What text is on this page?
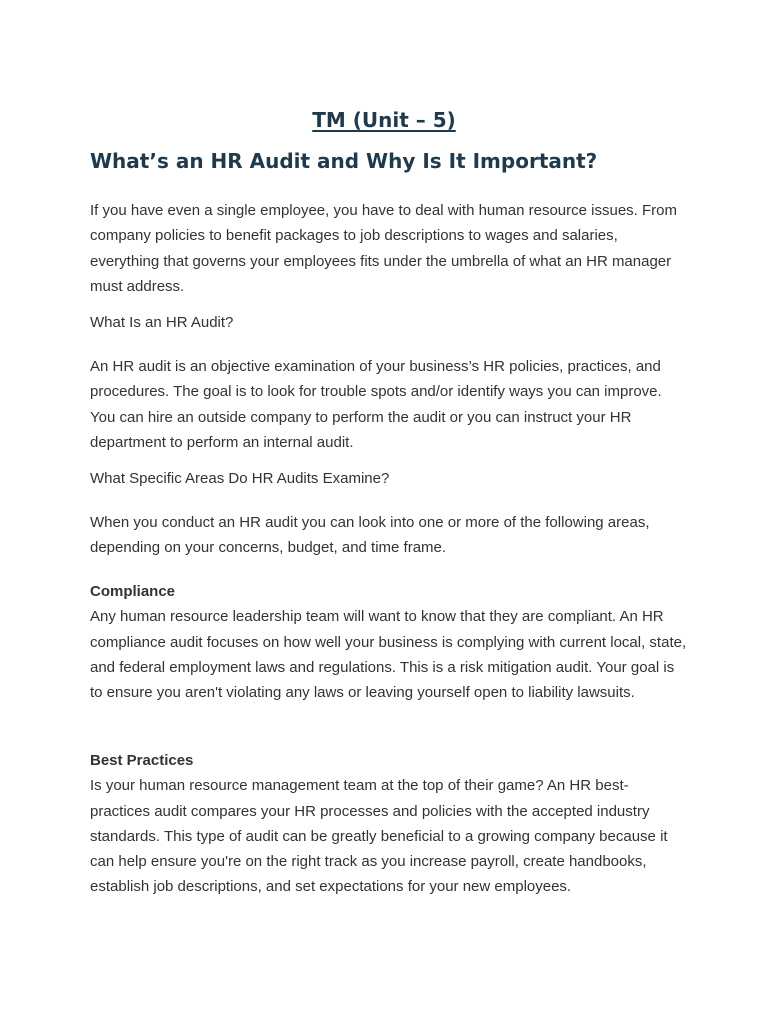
TM (Unit – 5)
What’s an HR Audit and Why Is It Important?

If you have even a single employee, you have to deal with human resource issues. From company policies to benefit packages to job descriptions to wages and salaries, everything that governs your employees fits under the umbrella of what an HR manager must address.

What Is an HR Audit?

An HR audit is an objective examination of your business’s HR policies, practices, and procedures. The goal is to look for trouble spots and/or identify ways you can improve. You can hire an outside company to perform the audit or you can instruct your HR department to perform an internal audit.

What Specific Areas Do HR Audits Examine?

When you conduct an HR audit you can look into one or more of the following areas, depending on your concerns, budget, and time frame.

Compliance
Any human resource leadership team will want to know that they are compliant. An HR compliance audit focuses on how well your business is complying with current local, state, and federal employment laws and regulations. This is a risk mitigation audit. Your goal is to ensure you aren't violating any laws or leaving yourself open to liability lawsuits.
Best Practices
Is your human resource management team at the top of their game? An HR best-practices audit compares your HR processes and policies with the accepted industry standards. This type of audit can be greatly beneficial to a growing company because it can help ensure you're on the right track as you increase payroll, create handbooks, establish job descriptions, and set expectations for your new employees.
